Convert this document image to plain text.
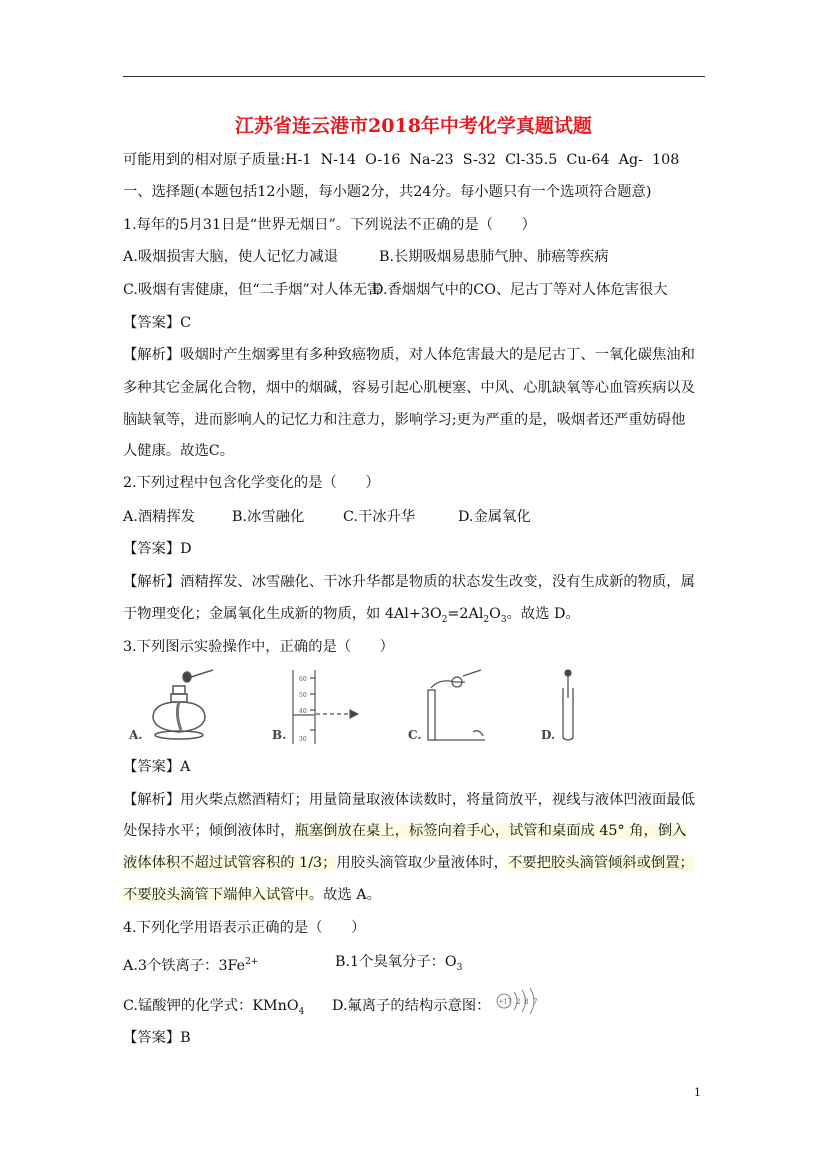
江苏省连云港市2018年中考化学真题试题
可能用到的相对原子质量:H-1  N-14  O-16  Na-23  S-32  Cl-35.5  Cu-64  Ag-  108
一、选择题(本题包括12小题，每小题2分，共24分。每小题只有一个选项符合题意)
1.每年的5月31日是“世界无烟日”。下列说法不正确的是（　　）
A.吸烟损害大脑，使人记忆力减退	B.长期吸烟易患肺气肿、肺癌等疾病
C.吸烟有害健康，但“二手烟”对人体无害
D.香烟烟气中的CO、尼古丁等对人体危害很大
【答案】C
【解析】吸烟时产生烟雾里有多种致癌物质，对人体危害最大的是尼古丁、一氧化碳焦油和
多种其它金属化合物，烟中的烟碱，容易引起心肌梗塞、中风、心肌缺氧等心血管疾病以及
脑缺氧等，进而影响人的记忆力和注意力，影响学习;更为严重的是，吸烟者还严重妨碍他
人健康。故选C。
2.下列过程中包含化学变化的是（　　）
A.酒精挥发	B.冰雪融化	C.干冰升华	D.金属氧化
【答案】D
【解析】酒精挥发、冰雪融化、干冰升华都是物质的状态发生改变，没有生成新的物质，属
于物理变化；金属氧化生成新的物质，如 $4Al+3O_2=2Al_2O_3$。故选 D。
3.下列图示实验操作中，正确的是（　　）
A.
60
50
40
30
B.	C.	D.
【答案】A
【解析】用火柴点燃酒精灯；用量筒量取液体读数时，将量筒放平，视线与液体凹液面最低
处保持水平；倾倒液体时，瓶塞倒放在桌上，标签向着手心，试管和桌面成 45° 角，倒入
液体体积不超过试管容积的 1/3；用胶头滴管取少量液体时，不要把胶头滴管倾斜或倒置；
不要胶头滴管下端伸入试管中。故选 A。
4.下列化学用语表示正确的是（　　）
A.3个铁离子：$3Fe^{2+}$	B.1个臭氧分子：$O_3$
C.锰酸钾的化学式：KMnO$_4$ D.氟离子的结构示意图： +17 2 8 7
【答案】B
1
